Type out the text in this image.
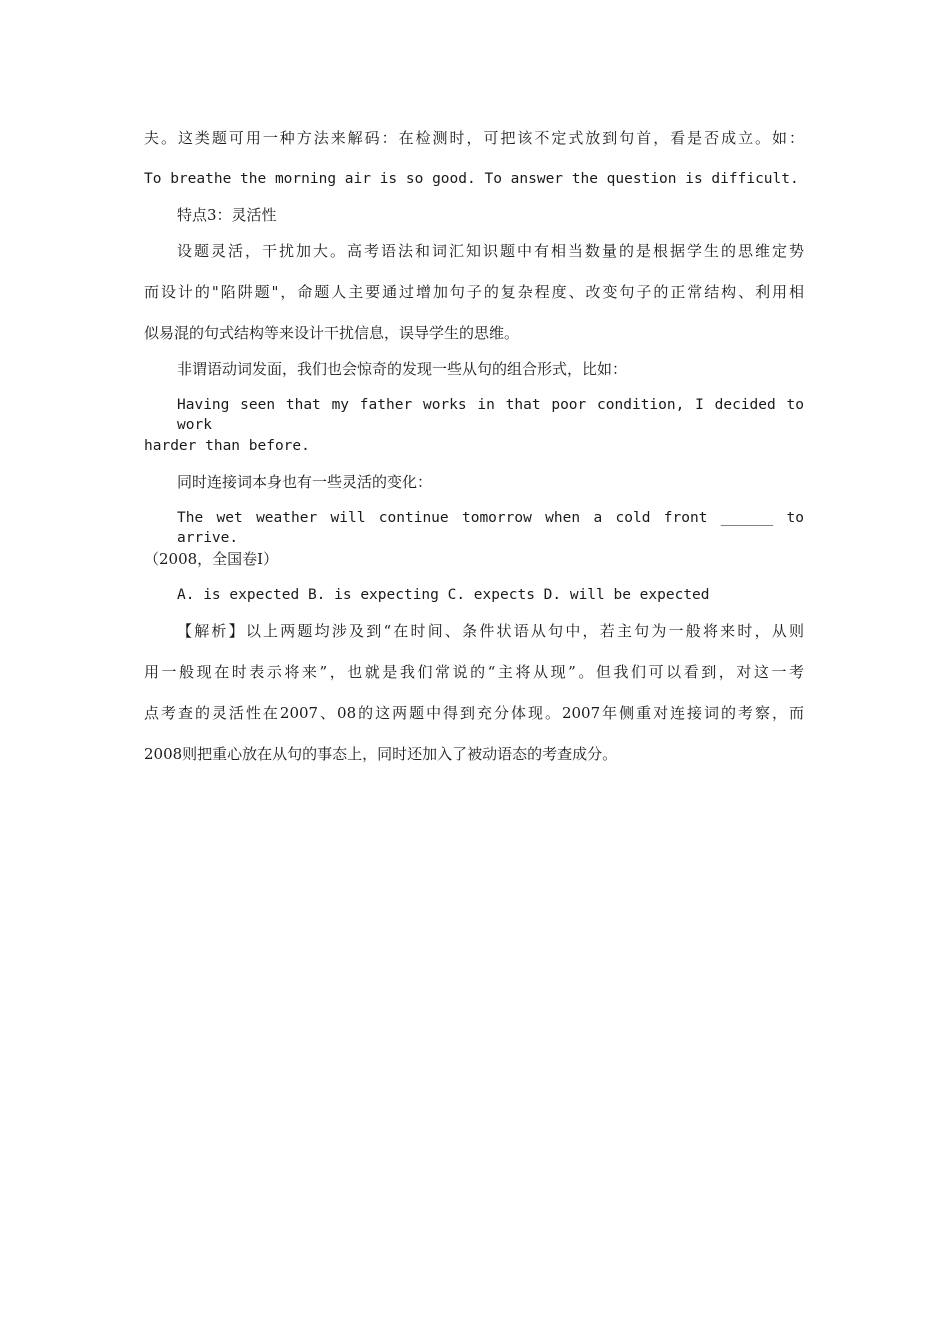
夫。这类题可用一种方法来解码：在检测时，可把该不定式放到句首，看是否成立。如：
To breathe the morning air is so good. To answer the question is difficult.
特点3：灵活性
设题灵活，干扰加大。高考语法和词汇知识题中有相当数量的是根据学生的思维定势
而设计的"陷阱题"，命题人主要通过增加句子的复杂程度、改变句子的正常结构、利用相
似易混的句式结构等来设计干扰信息，误导学生的思维。
非谓语动词发面，我们也会惊奇的发现一些从句的组合形式，比如：
Having seen that my father works in that poor condition, I decided to work
harder than before.
同时连接词本身也有一些灵活的变化：
The wet weather will continue tomorrow when a cold front ______ to arrive.
（2008，全国卷Ⅰ）
A. is expected B. is expecting C. expects D. will be expected
【解析】以上两题均涉及到“在时间、条件状语从句中，若主句为一般将来时，从则
用一般现在时表示将来”，也就是我们常说的“主将从现”。但我们可以看到，对这一考
点考查的灵活性在2007、08的这两题中得到充分体现。2007年侧重对连接词的考察，而
2008则把重心放在从句的事态上，同时还加入了被动语态的考查成分。
